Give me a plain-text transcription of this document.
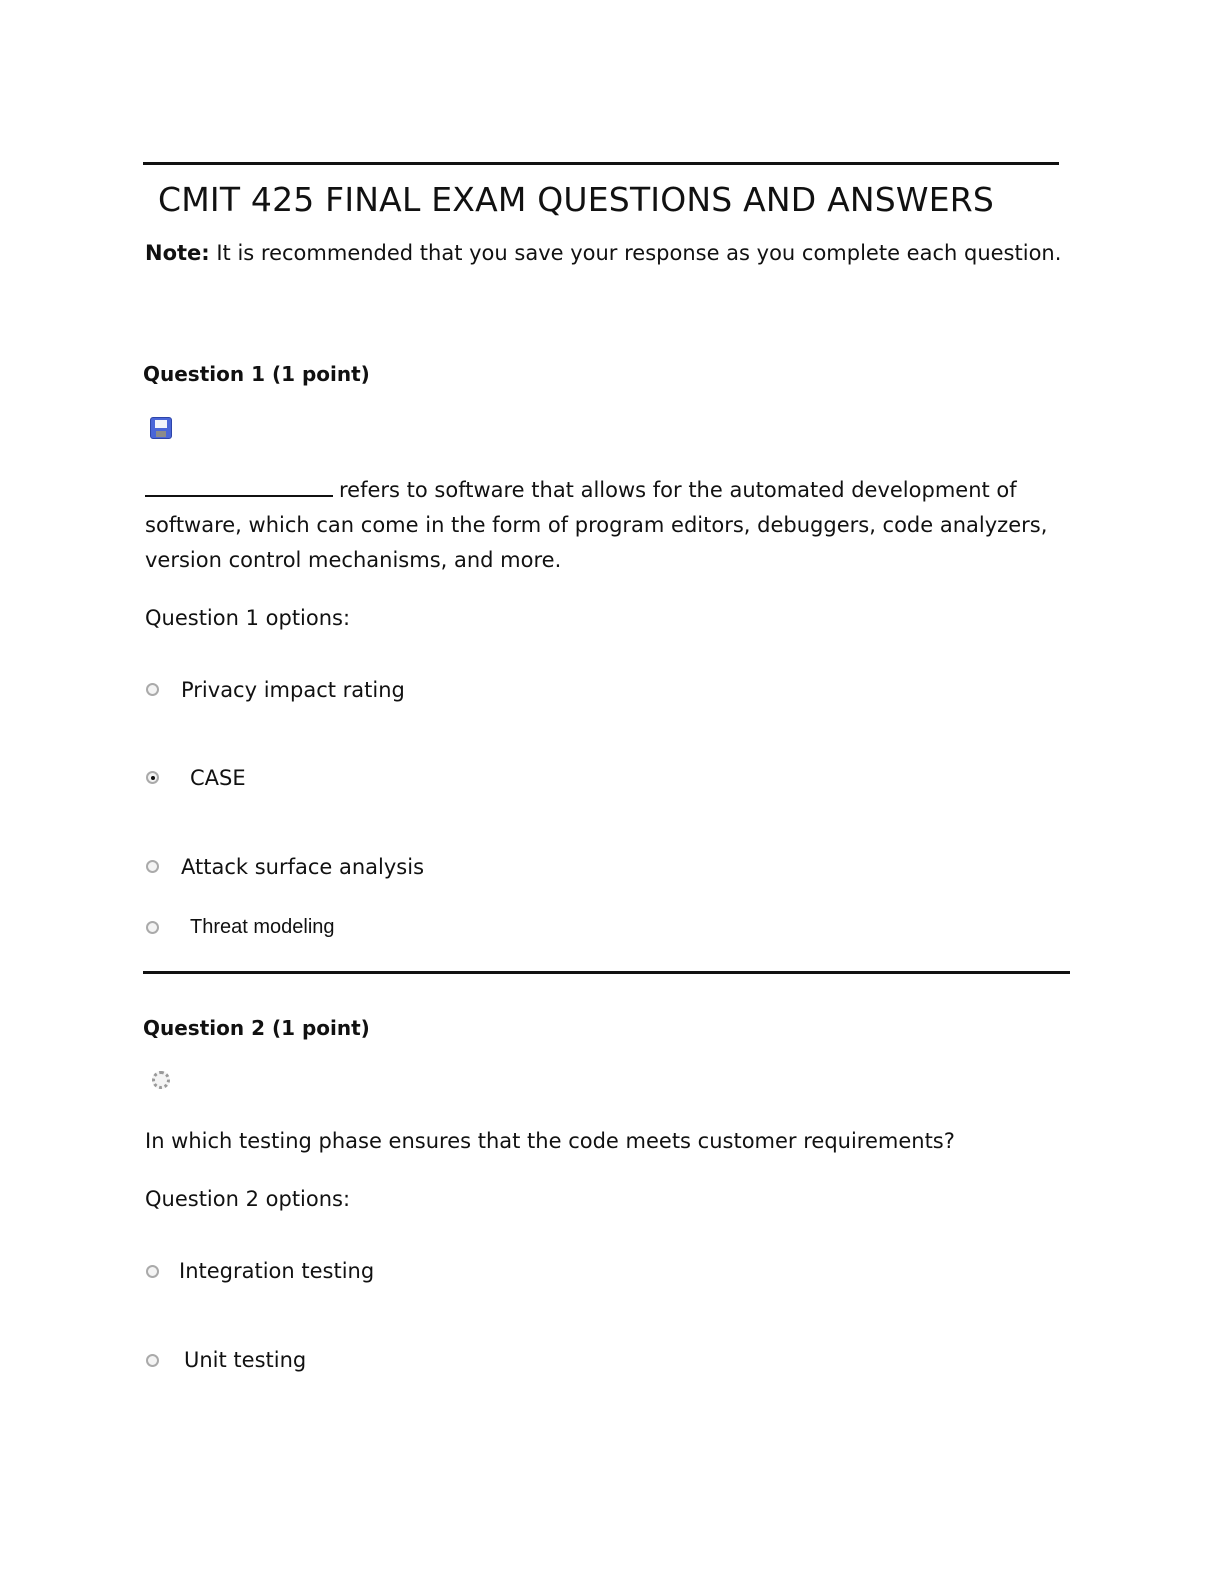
CMIT 425 FINAL EXAM QUESTIONS AND ANSWERS
Note: It is recommended that you save your response as you complete each question.
Question 1 (1 point)
refers to software that allows for the automated development of software, which can come in the form of program editors, debuggers, code analyzers, version control mechanisms, and more.
Question 1 options:
Privacy impact rating
CASE
Attack surface analysis
Threat modeling
Question 2 (1 point)
In which testing phase ensures that the code meets customer requirements?
Question 2 options:
Integration testing
Unit testing
